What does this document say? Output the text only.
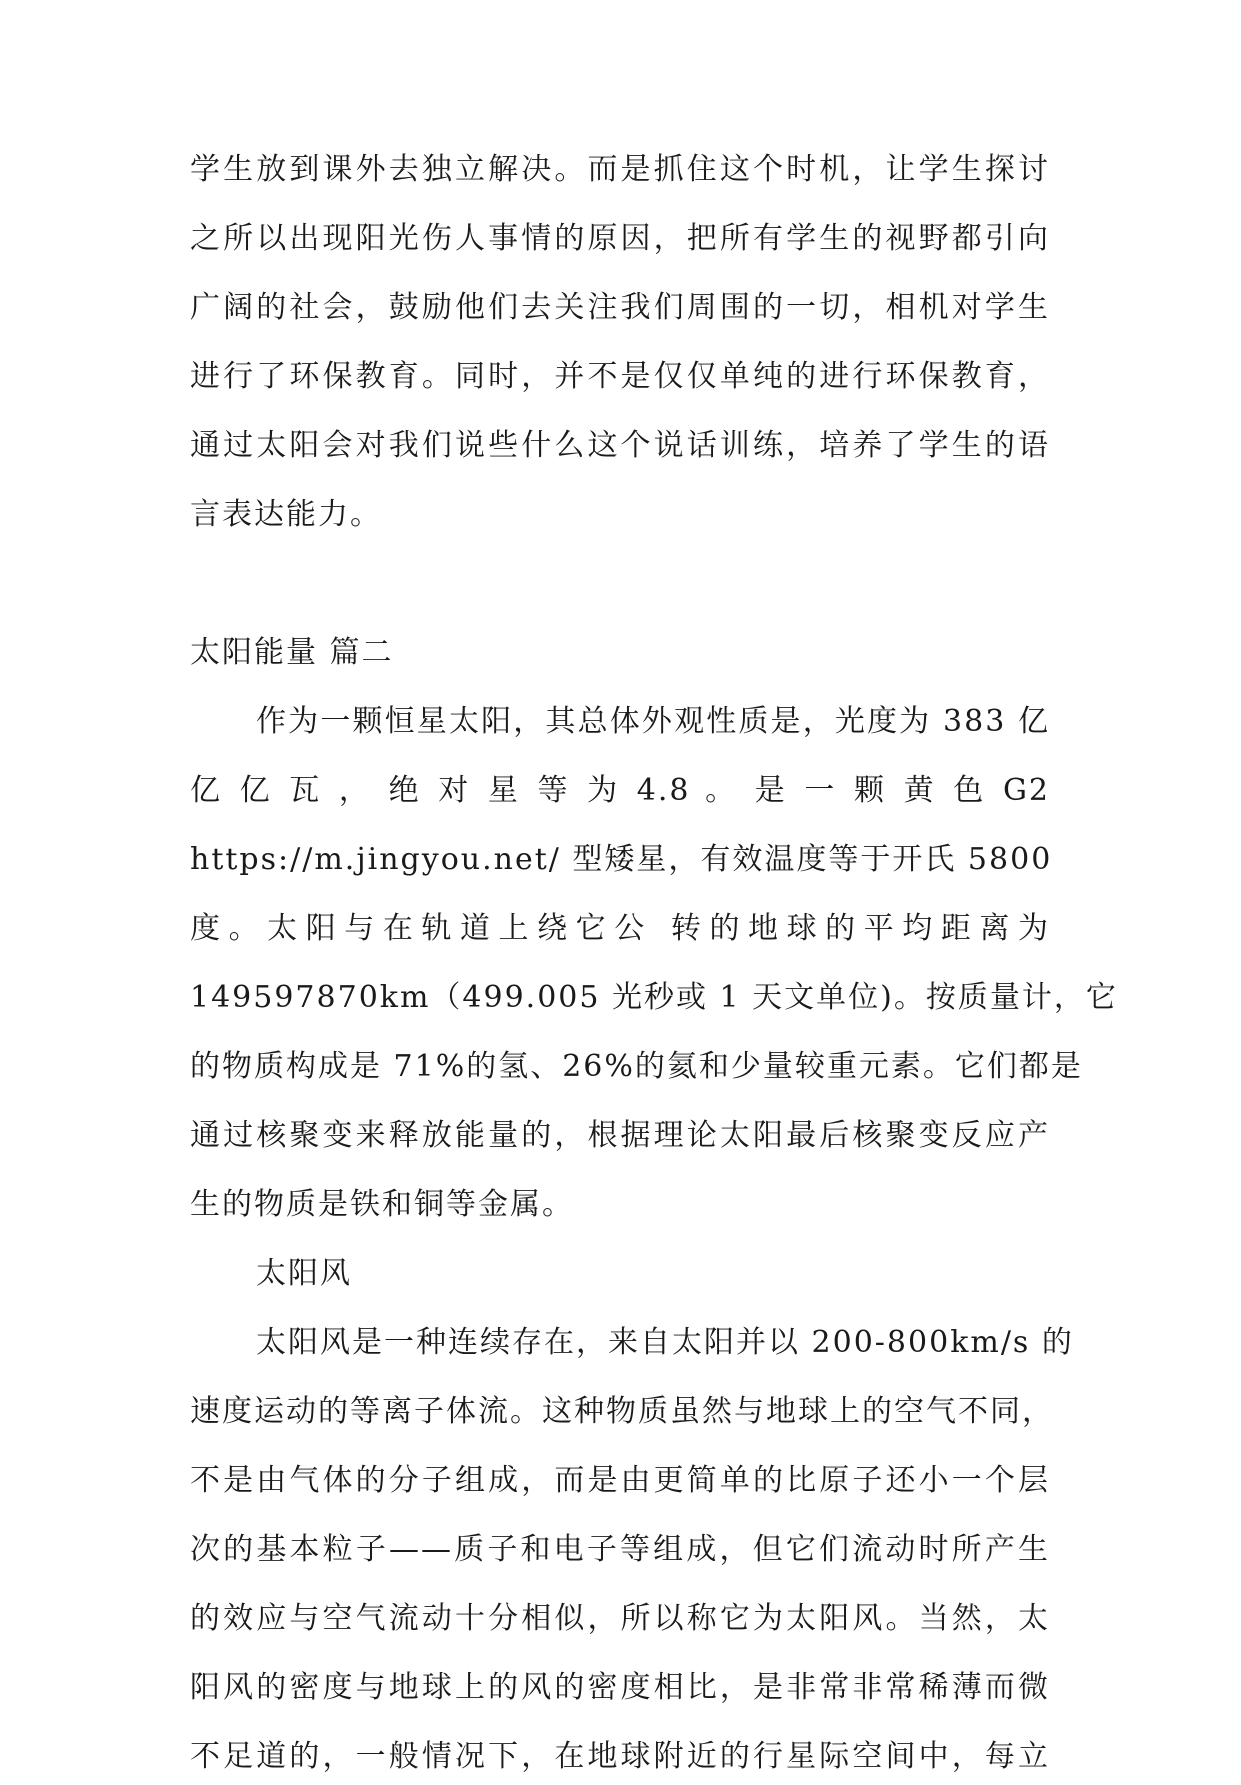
学生放到课外去独立解决。而是抓住这个时机，让学生探讨
之所以出现阳光伤人事情的原因，把所有学生的视野都引向
广阔的社会，鼓励他们去关注我们周围的一切，相机对学生
进行了环保教育。同时，并不是仅仅单纯的进行环保教育，
通过太阳会对我们说些什么这个说话训练，培养了学生的语
言表达能力。
太阳能量 篇二
作为一颗恒星太阳，其总体外观性质是，光度为 383 亿
亿 亿 瓦 ， 绝 对 星 等 为 4.8 。 是 一 颗 黄 色 G2
https://m.jingyou.net/ 型矮星，有效温度等于开氏 5800
度。太阳与在轨道上绕它公 转的地球的平均距离为
149597870km（499.005 光秒或 1 天文单位)。按质量计，它
的物质构成是 71%的氢、26%的氦和少量较重元素。它们都是
通过核聚变来释放能量的，根据理论太阳最后核聚变反应产
生的物质是铁和铜等金属。
太阳风
太阳风是一种连续存在，来自太阳并以 200-800km/s 的
速度运动的等离子体流。这种物质虽然与地球上的空气不同，
不是由气体的分子组成，而是由更简单的比原子还小一个层
次的基本粒子——质子和电子等组成，但它们流动时所产生
的效应与空气流动十分相似，所以称它为太阳风。当然，太
阳风的密度与地球上的风的密度相比，是非常非常稀薄而微
不足道的，一般情况下，在地球附近的行星际空间中，每立
